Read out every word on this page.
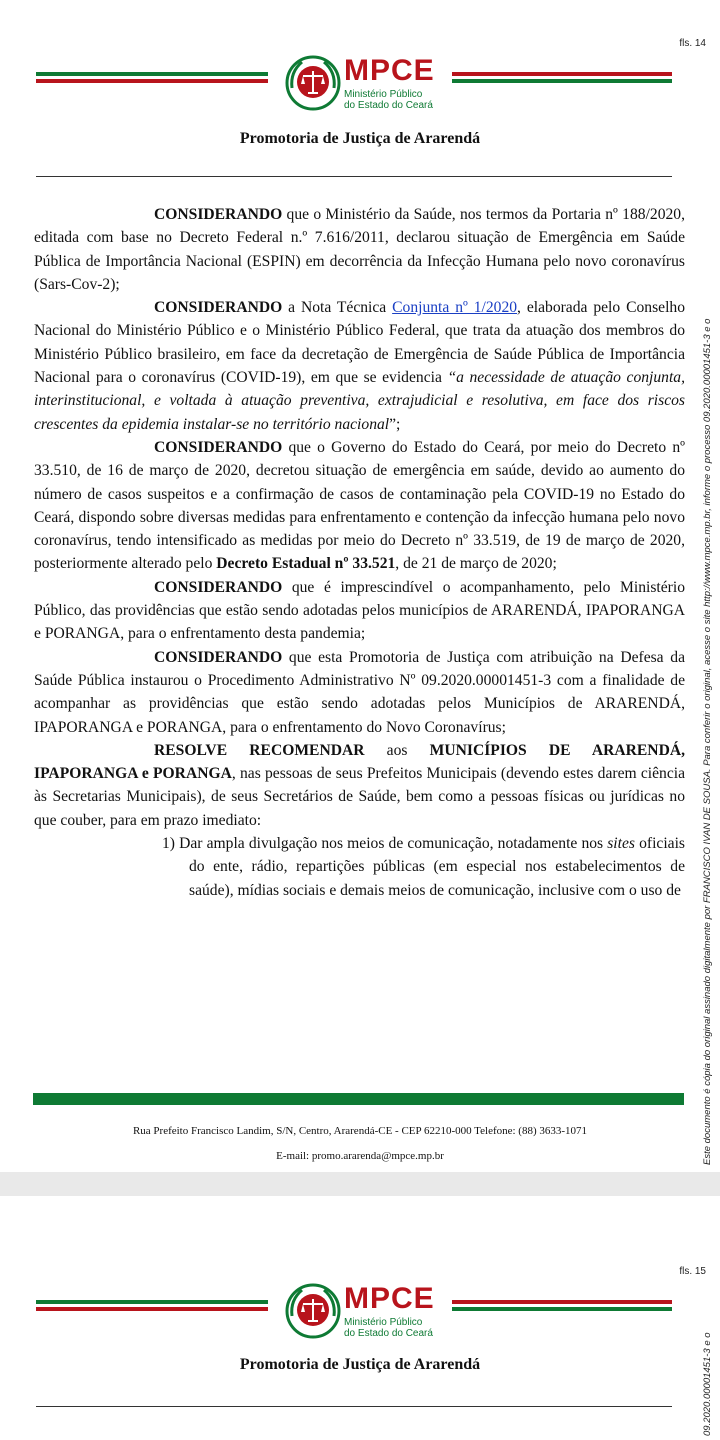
fls. 14
MPCE
Ministério Público
do Estado do Ceará
Promotoria de Justiça de Ararendá

CONSIDERANDO que o Ministério da Saúde, nos termos da Portaria nº 188/2020, editada com base no Decreto Federal n.º 7.616/2011, declarou situação de Emergência em Saúde Pública de Importância Nacional (ESPIN) em decorrência da Infecção Humana pelo novo coronavírus (Sars-Cov-2);

CONSIDERANDO a Nota Técnica Conjunta nº 1/2020, elaborada pelo Conselho Nacional do Ministério Público e o Ministério Público Federal, que trata da atuação dos membros do Ministério Público brasileiro, em face da decretação de Emergência de Saúde Pública de Importância Nacional para o coronavírus (COVID-19), em que se evidencia “a necessidade de atuação conjunta, interinstitucional, e voltada à atuação preventiva, extrajudicial e resolutiva, em face dos riscos crescentes da epidemia instalar-se no território nacional”;

CONSIDERANDO que o Governo do Estado do Ceará, por meio do Decreto nº 33.510, de 16 de março de 2020, decretou situação de emergência em saúde, devido ao aumento do número de casos suspeitos e a confirmação de casos de contaminação pela COVID-19 no Estado do Ceará, dispondo sobre diversas medidas para enfrentamento e contenção da infecção humana pelo novo coronavírus, tendo intensificado as medidas por meio do Decreto nº 33.519, de 19 de março de 2020, posteriormente alterado pelo Decreto Estadual nº 33.521, de 21 de março de 2020;

CONSIDERANDO que é imprescindível o acompanhamento, pelo Ministério Público, das providências que estão sendo adotadas pelos municípios de ARARENDÁ, IPAPORANGA e PORANGA, para o enfrentamento desta pandemia;

CONSIDERANDO que esta Promotoria de Justiça com atribuição na Defesa da Saúde Pública instaurou o Procedimento Administrativo Nº 09.2020.00001451-3 com a finalidade de acompanhar as providências que estão sendo adotadas pelos Municípios de ARARENDÁ, IPAPORANGA e PORANGA, para o enfrentamento do Novo Coronavírus;

RESOLVE RECOMENDAR aos MUNICÍPIOS DE ARARENDÁ, IPAPORANGA e PORANGA, nas pessoas de seus Prefeitos Municipais (devendo estes darem ciência às Secretarias Municipais), de seus Secretários de Saúde, bem como a pessoas físicas ou jurídicas no que couber, para em prazo imediato:

1) Dar ampla divulgação nos meios de comunicação, notadamente nos sites oficiais do ente, rádio, repartições públicas (em especial nos estabelecimentos de saúde), mídias sociais e demais meios de comunicação, inclusive com o uso de

Rua Prefeito Francisco Landim, S/N, Centro, Ararendá-CE - CEP 62210-000 Telefone: (88) 3633-1071
E-mail: promo.ararenda@mpce.mp.br	Este documento é cópia do original assinado digitalmente por FRANCISCO IVAN DE SOUSA. Para conferir o original, acesse o site http://www.mpce.mp.br, informe o processo 09.2020.00001451-3 e o
fls. 15
MPCE
Ministério Público
do Estado do Ceará
Promotoria de Justiça de Ararendá	09.2020.00001451-3 e o
